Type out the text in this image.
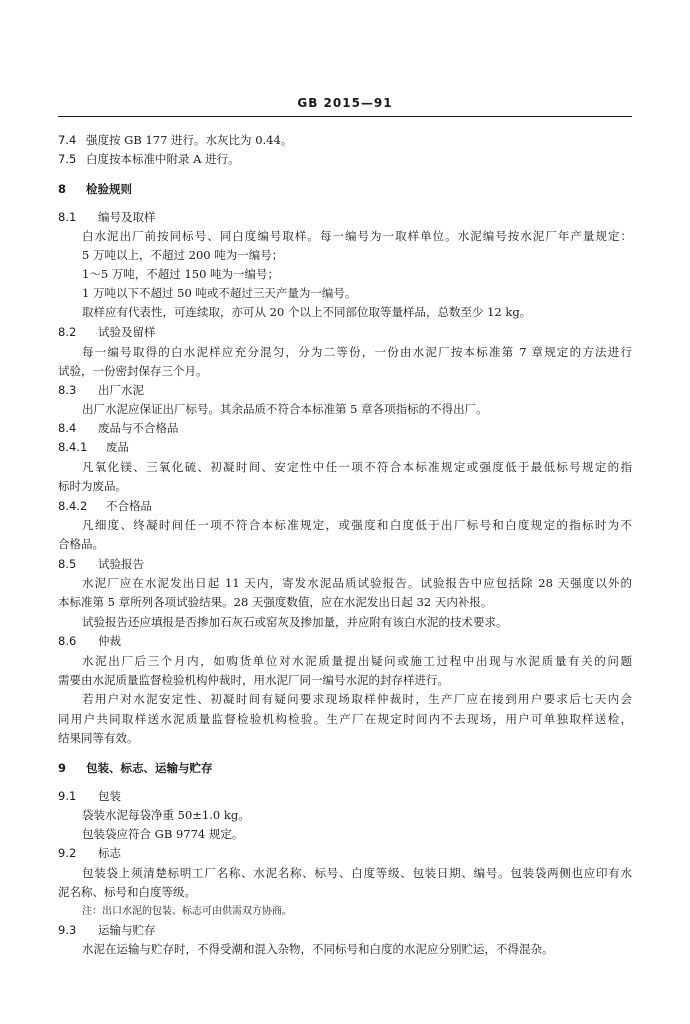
GB 2015—91
7.4 强度按 GB 177 进行。水灰比为 0.44。
7.5 白度按本标准中附录 A 进行。
8 检验规则
8.1 编号及取样
白水泥出厂前按同标号、同白度编号取样。每一编号为一取样单位。水泥编号按水泥厂年产量规定：
5 万吨以上，不超过 200 吨为一编号；
1～5 万吨，不超过 150 吨为一编号；
1 万吨以下不超过 50 吨或不超过三天产量为一编号。
取样应有代表性，可连续取，亦可从 20 个以上不同部位取等量样品，总数至少 12 kg。
8.2 试验及留样
每一编号取得的白水泥样应充分混匀，分为二等份，一份由水泥厂按本标准第 7 章规定的方法进行
试验，一份密封保存三个月。
8.3 出厂水泥
出厂水泥应保证出厂标号。其余品质不符合本标准第 5 章各项指标的不得出厂。
8.4 废品与不合格品
8.4.1 废品
凡氧化镁、三氧化硫、初凝时间、安定性中任一项不符合本标准规定或强度低于最低标号规定的指
标时为废品。
8.4.2 不合格品
凡细度、终凝时间任一项不符合本标准规定，或强度和白度低于出厂标号和白度规定的指标时为不
合格品。
8.5 试验报告
水泥厂应在水泥发出日起 11 天内，寄发水泥品质试验报告。试验报告中应包括除 28 天强度以外的
本标准第 5 章所列各项试验结果。28 天强度数值，应在水泥发出日起 32 天内补报。
试验报告还应填报是否掺加石灰石或窑灰及掺加量，并应附有该白水泥的技术要求。
8.6 仲裁
水泥出厂后三个月内，如购货单位对水泥质量提出疑问或施工过程中出现与水泥质量有关的问题
需要由水泥质量监督检验机构仲裁时，用水泥厂同一编号水泥的封存样进行。
若用户对水泥安定性、初凝时间有疑问要求现场取样仲裁时，生产厂应在接到用户要求后七天内会
同用户共同取样送水泥质量监督检验机构检验。生产厂在规定时间内不去现场，用户可单独取样送检，
结果同等有效。
9 包装、标志、运输与贮存
9.1 包装
袋装水泥每袋净重 50±1.0 kg。
包装袋应符合 GB 9774 规定。
9.2 标志
包装袋上须清楚标明工厂名称、水泥名称、标号、白度等级、包装日期、编号。包装袋两侧也应印有水
泥名称、标号和白度等级。
注：出口水泥的包装、标志可由供需双方协商。
9.3 运输与贮存
水泥在运输与贮存时，不得受潮和混入杂物，不同标号和白度的水泥应分别贮运，不得混杂。
